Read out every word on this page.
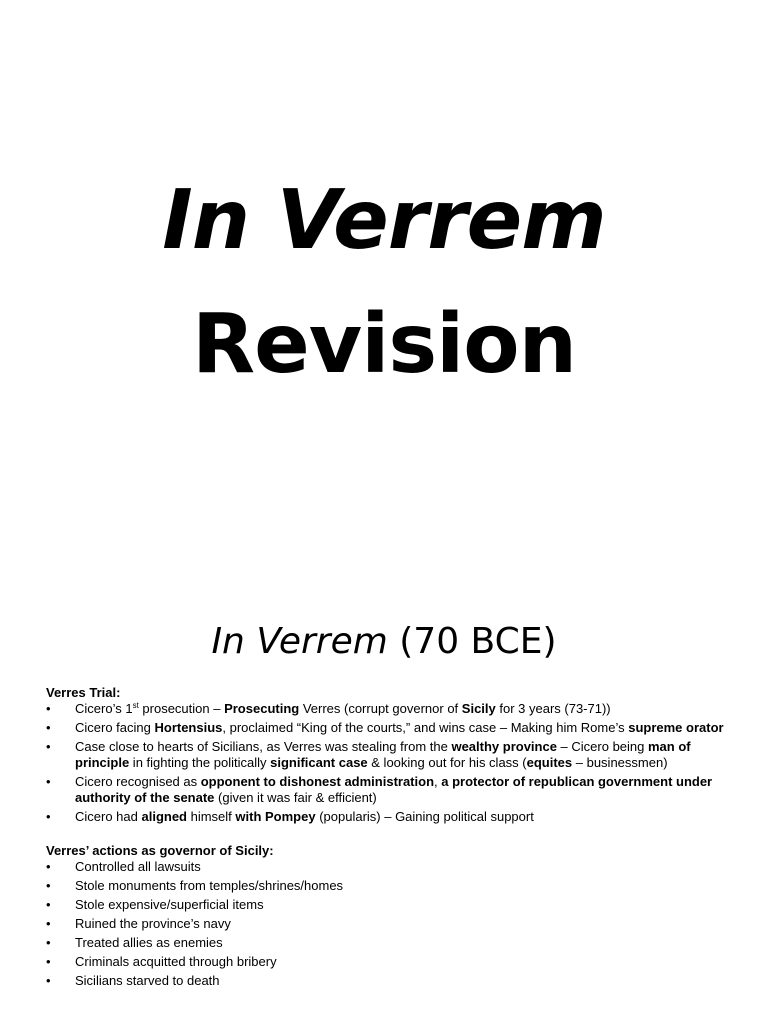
In Verrem
Revision
In Verrem (70 BCE)

Verres Trial:

• Cicero’s 1st prosecution – Prosecuting Verres (corrupt governor of Sicily for 3 years (73-71))
• Cicero facing Hortensius, proclaimed “King of the courts,” and wins case – Making him Rome’s supreme orator
• Case close to hearts of Sicilians, as Verres was stealing from the wealthy province – Cicero being man of principle in fighting the politically significant case & looking out for his class (equites – businessmen)
• Cicero recognised as opponent to dishonest administration, a protector of republican government under authority of the senate (given it was fair & efficient)
• Cicero had aligned himself with Pompey (popularis) – Gaining political support

Verres’ actions as governor of Sicily:

• Controlled all lawsuits
• Stole monuments from temples/shrines/homes
• Stole expensive/superficial items
• Ruined the province’s navy
• Treated allies as enemies
• Criminals acquitted through bribery
• Sicilians starved to death
